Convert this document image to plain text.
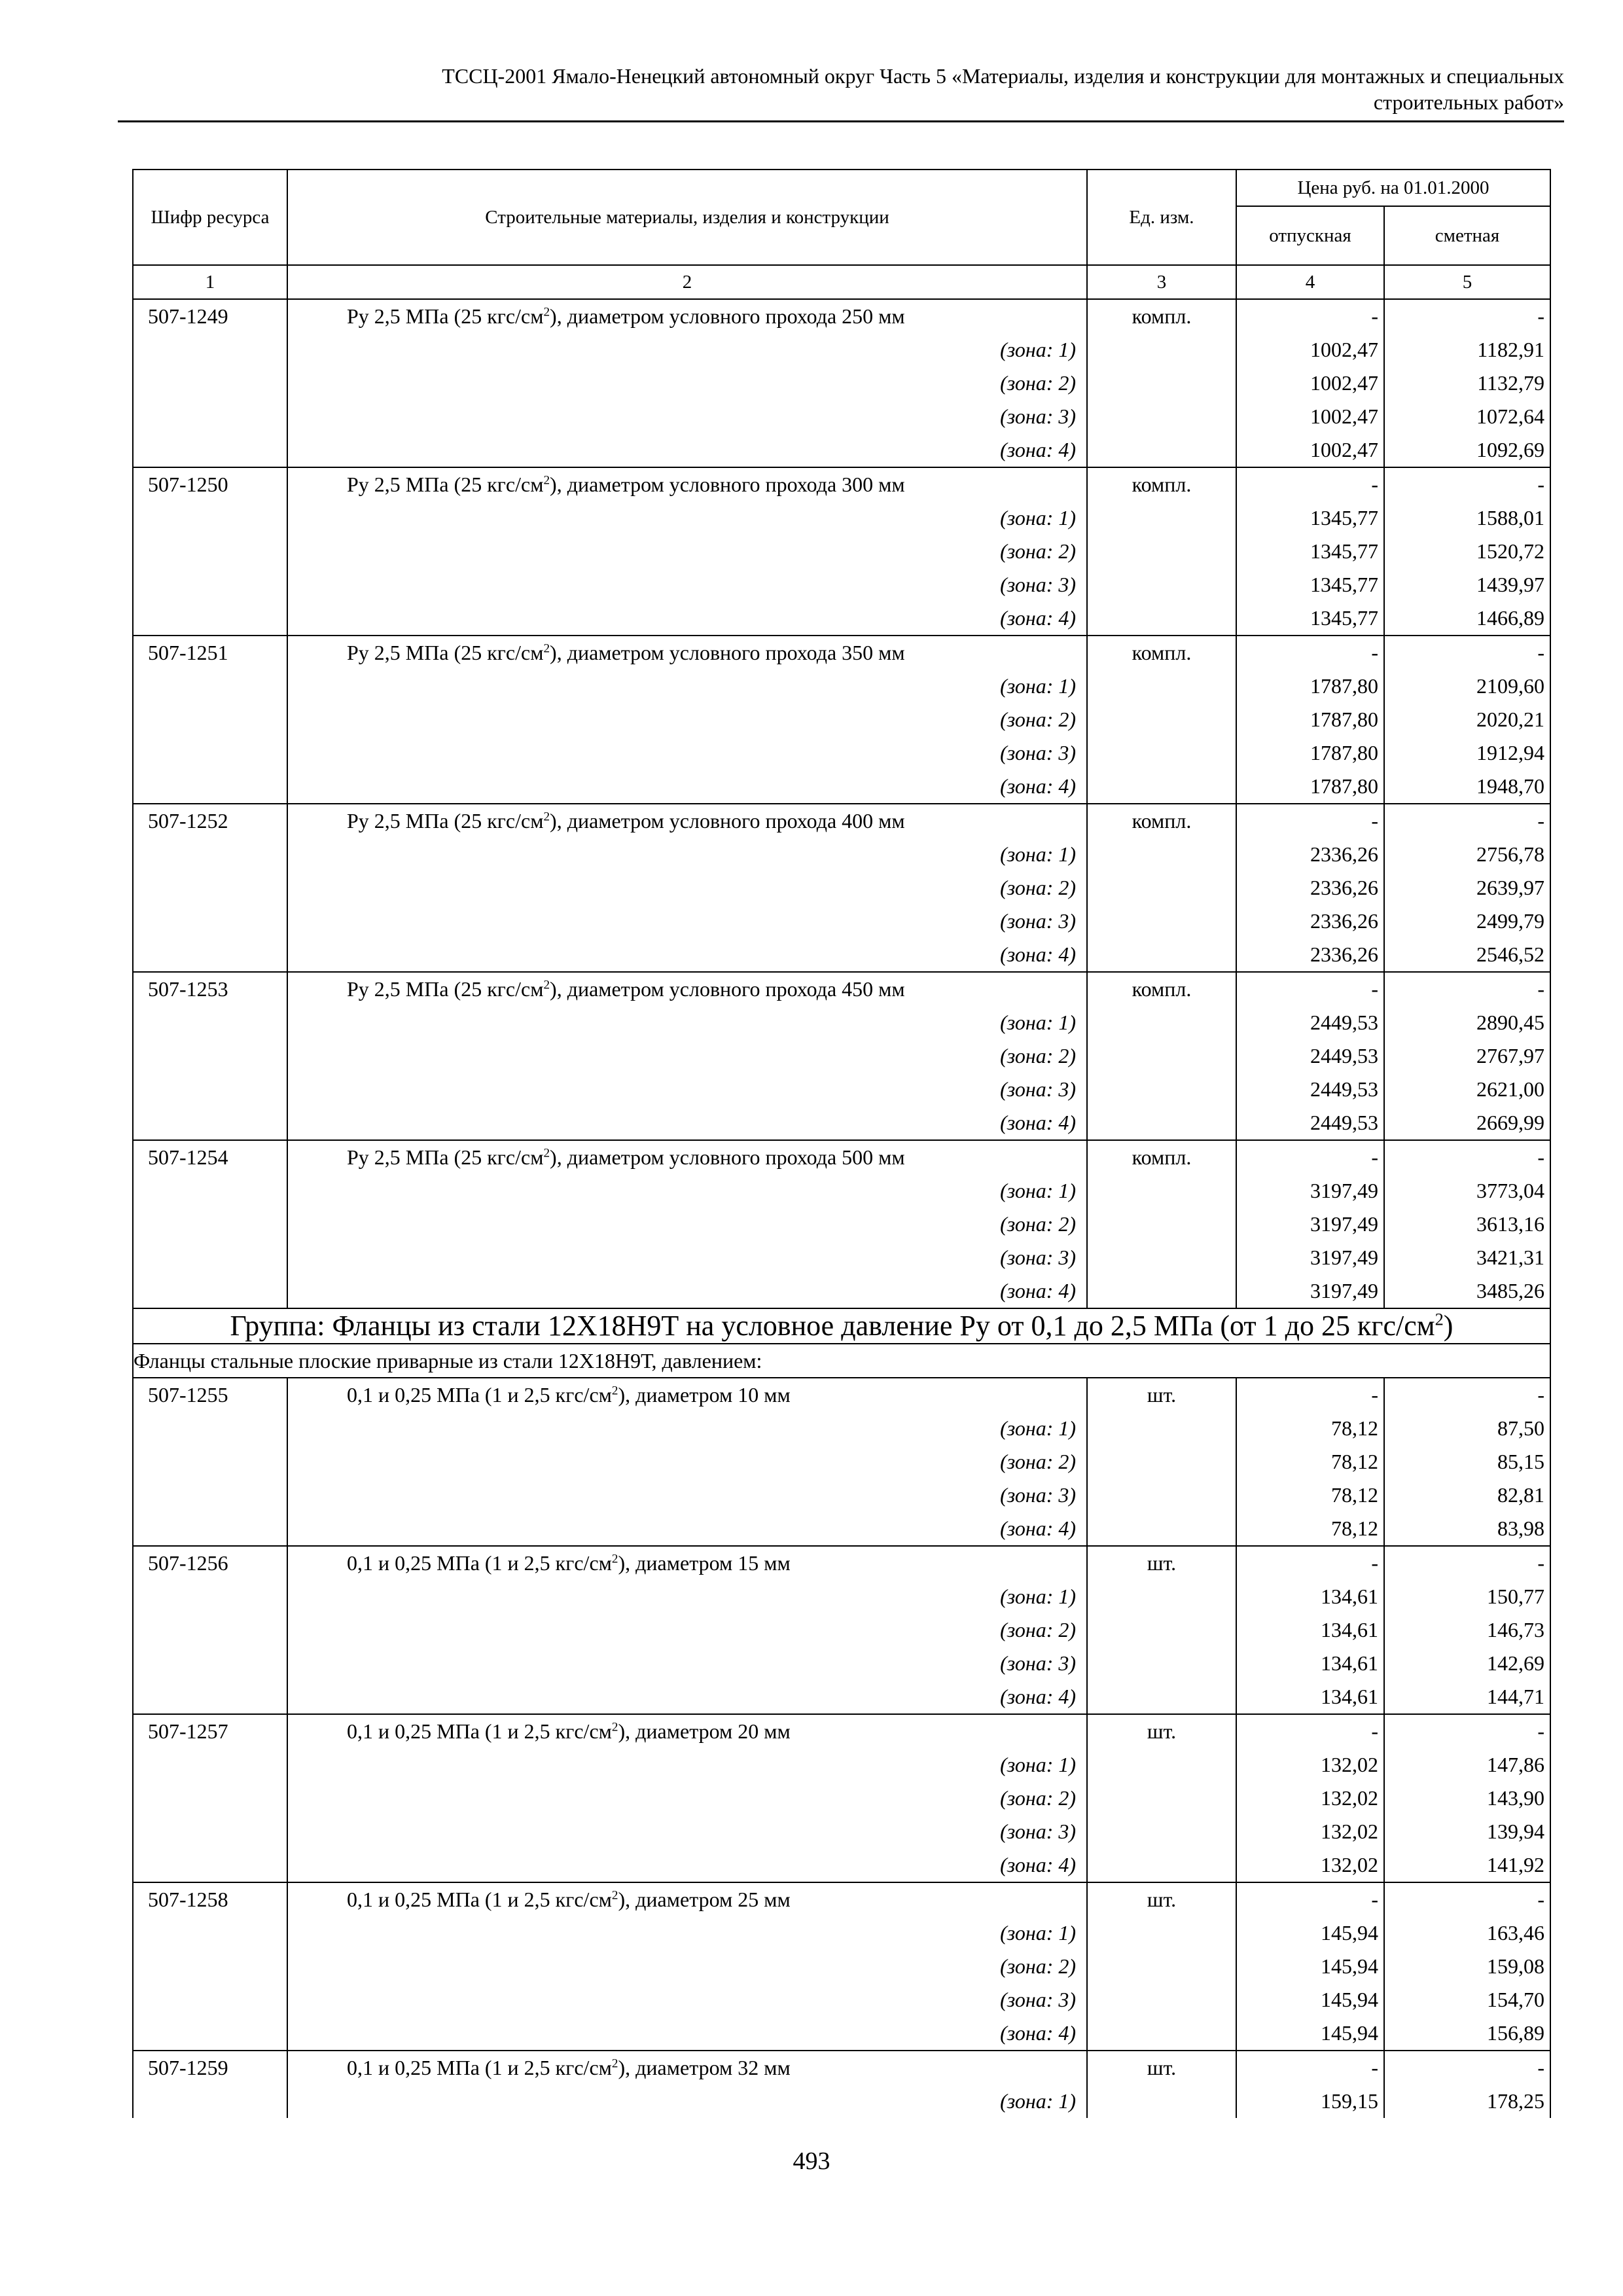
ТССЦ-2001 Ямало-Ненецкий автономный округ Часть 5 «Материалы, изделия и конструкции для монтажных и специальных
строительных работ»
Шифр ресурса	Строительные материалы, изделия и конструкции	Ед. изм.	Цена руб. на 01.01.2000	
			отпускная	сметная
1	2	3	4	5
507-1249	Ру 2,5 МПа (25 кгс/$см^2$), диаметром условного прохода 250 мм	компл.	-	-
	(зона: 1)		1002,47	1182,91
	(зона: 2)		1002,47	1132,79
	(зона: 3)		1002,47	1072,64
	(зона: 4)		1002,47	1092,69
507-1250	Ру 2,5 МПа (25 кгс/$см^2$), диаметром условного прохода 300 мм	компл.	-	-
	(зона: 1)		1345,77	1588,01
	(зона: 2)		1345,77	1520,72
	(зона: 3)		1345,77	1439,97
	(зона: 4)		1345,77	1466,89
507-1251	Ру 2,5 МПа (25 кгс/$см^2$), диаметром условного прохода 350 мм	компл.	-	-
	(зона: 1)		1787,80	2109,60
	(зона: 2)		1787,80	2020,21
	(зона: 3)		1787,80	1912,94
	(зона: 4)		1787,80	1948,70
507-1252	Ру 2,5 МПа (25 кгс/$см^2$), диаметром условного прохода 400 мм	компл.	-	-
	(зона: 1)		2336,26	2756,78
	(зона: 2)		2336,26	2639,97
	(зона: 3)		2336,26	2499,79
	(зона: 4)		2336,26	2546,52
507-1253	Ру 2,5 МПа (25 кгс/$см^2$), диаметром условного прохода 450 мм	компл.	-	-
	(зона: 1)		2449,53	2890,45
	(зона: 2)		2449,53	2767,97
	(зона: 3)		2449,53	2621,00
	(зона: 4)		2449,53	2669,99
507-1254	Ру 2,5 МПа (25 кгс/$см^2$), диаметром условного прохода 500 мм	компл.	-	-
	(зона: 1)		3197,49	3773,04
	(зона: 2)		3197,49	3613,16
	(зона: 3)		3197,49	3421,31
	(зона: 4)		3197,49	3485,26
Группа: Фланцы из стали 12Х18Н9Т на условное давление Ру от 0,1 до 2,5 МПа (от 1 до 25 кгс/$см^2$)				
Фланцы стальные плоские приварные из стали 12Х18Н9Т, давлением:				
507-1255	0,1 и 0,25 МПа (1 и 2,5 кгс/$см^2$), диаметром 10 мм	шт.	-	-
	(зона: 1)		78,12	87,50
	(зона: 2)		78,12	85,15
	(зона: 3)		78,12	82,81
	(зона: 4)		78,12	83,98
507-1256	0,1 и 0,25 МПа (1 и 2,5 кгс/$см^2$), диаметром 15 мм	шт.	-	-
	(зона: 1)		134,61	150,77
	(зона: 2)		134,61	146,73
	(зона: 3)		134,61	142,69
	(зона: 4)		134,61	144,71
507-1257	0,1 и 0,25 МПа (1 и 2,5 кгс/$см^2$), диаметром 20 мм	шт.	-	-
	(зона: 1)		132,02	147,86
	(зона: 2)		132,02	143,90
	(зона: 3)		132,02	139,94
	(зона: 4)		132,02	141,92
507-1258	0,1 и 0,25 МПа (1 и 2,5 кгс/$см^2$), диаметром 25 мм	шт.	-	-
	(зона: 1)		145,94	163,46
	(зона: 2)		145,94	159,08
	(зона: 3)		145,94	154,70
	(зона: 4)		145,94	156,89
507-1259	0,1 и 0,25 МПа (1 и 2,5 кгс/$см^2$), диаметром 32 мм	шт.	-	-
	(зона: 1)		159,15	178,25
493
